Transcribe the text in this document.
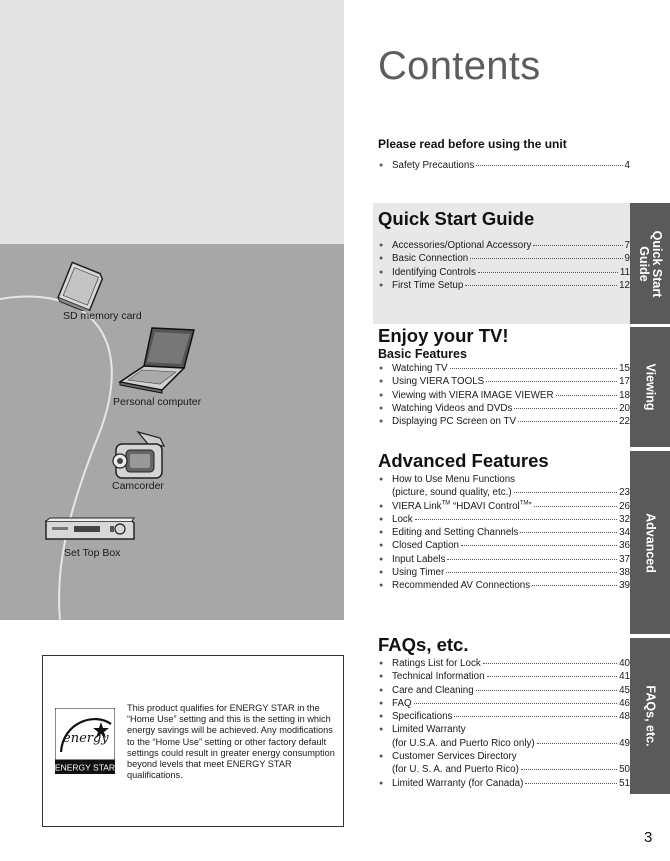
SD memory card
Personal computer
Camcorder
Set Top Box
energy
ENERGY STAR
This product qualifies for ENERGY STAR in the “Home Use” setting and this is the setting in which energy savings will be achieved. Any modifications to the “Home Use” setting or other factory default settings could result in greater energy consumption beyond levels that meet ENERGY STAR qualifications.
Contents
Please read before using the unit
● Safety Precautions	4
Quick Start Guide
● Accessories/Optional Accessory	7
● Basic Connection	9
● Identifying Controls	11
● First Time Setup	12
Enjoy your TV!
Basic Features
● Watching TV	15
● Using VIERA TOOLS	17
● Viewing with VIERA IMAGE VIEWER	18
● Watching Videos and DVDs	20
● Displaying PC Screen on TV	22
Advanced Features
● How to Use Menu Functions
(picture, sound quality, etc.)	23
● VIERA Link™ “HDAVI Control™”	26
● Lock	32
● Editing and Setting Channels	34
● Closed Caption	36
● Input Labels	37
● Using Timer	38
● Recommended AV Connections	39
FAQs, etc.
● Ratings List for Lock	40
● Technical Information	41
● Care and Cleaning	45
● FAQ	46
● Specifications	48
● Limited Warranty
(for U.S.A. and Puerto Rico only)	49
● Customer Services Directory
(for U. S. A. and Puerto Rico)	50
● Limited Warranty (for Canada)	51
Quick Start Guide
Viewing
Advanced
FAQs, etc.
3
